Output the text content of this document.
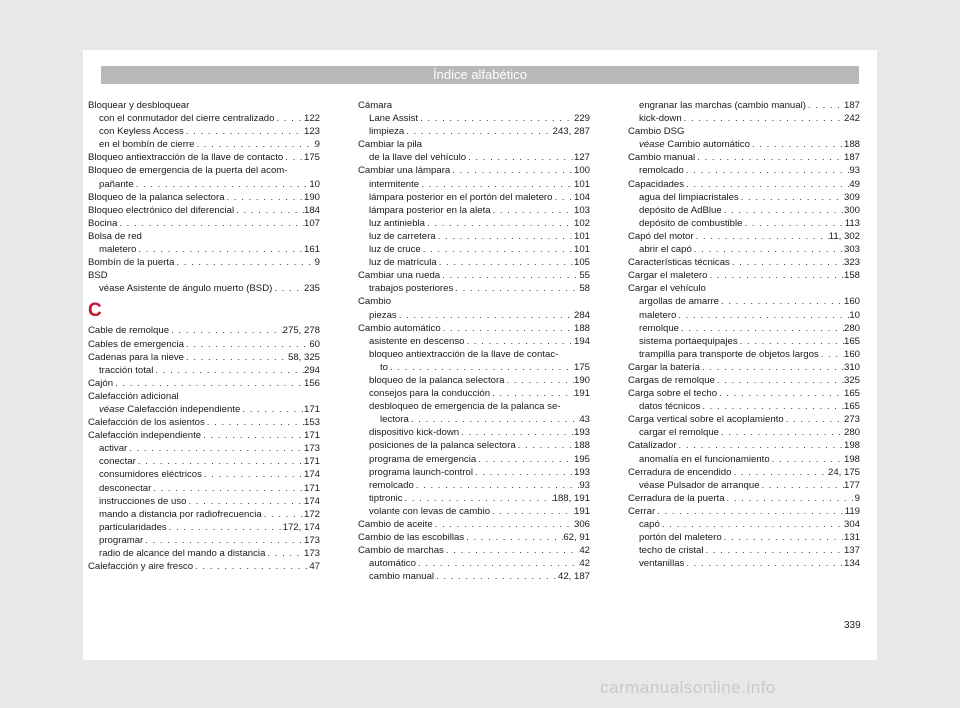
Índice alfabético
Bloquear y desbloquear
con el conmutador del cierre centralizado . . .	122
con Keyless Access . . .	123
en el bombín de cierre . . .	9
Bloqueo antiextracción de la llave de contacto . . . 175
Bloqueo de emergencia de la puerta del acom-
pañante . . .	10
Bloqueo de la palanca selectora . . .	190
Bloqueo electrónico del diferencial . . .	184
Bocina . . .	107
Bolsa de red
maletero . . .	161
Bombín de la puerta . . .	9
BSD
véase Asistente de ángulo muerto (BSD) . . .	235
C
Cable de remolque . . .	275, 278
Cables de emergencia . . .	60
Cadenas para la nieve . . .	58, 325
tracción total . . .	294
Cajón . . .	156
Calefacción adicional
véase Calefacción independiente . . .	171
Calefacción de los asientos . . .	153
Calefacción independiente . . .	171
activar . . .	173
conectar . . .	171
consumidores eléctricos . . .	174
desconectar . . .	171
instrucciones de uso . . .	174
mando a distancia por radiofrecuencia . . .	172
particularidades . . .	172, 174
programar . . .	173
radio de alcance del mando a distancia . . .	173
Calefacción y aire fresco . . .	47
Cámara
Lane Assist . . .	229
limpieza . . .	243, 287
Cambiar la pila
de la llave del vehículo . . .	127
Cambiar una lámpara . . .	100
intermitente . . .	101
lámpara posterior en el portón del maletero . . . 104
lámpara posterior en la aleta . . .	103
luz antiniebla . . .	102
luz de carretera . . .	101
luz de cruce . . .	101
luz de matrícula . . .	105
Cambiar una rueda . . .	55
trabajos posteriores . . .	58
Cambio
piezas . . .	284
Cambio automático . . .	188
asistente en descenso . . .	194
bloqueo antiextracción de la llave de contac-
to . . .	175
bloqueo de la palanca selectora . . .	190
consejos para la conducción . . .	191
desbloqueo de emergencia de la palanca se-
lectora . . .	43
dispositivo kick-down . . .	193
posiciones de la palanca selectora . . .	188
programa de emergencia . . .	195
programa launch-control . . .	193
remolcado . . .	93
tiptronic . . .	188, 191
volante con levas de cambio . . .	191
Cambio de aceite . . .	306
Cambio de las escobillas . . .	62, 91
Cambio de marchas . . .	42
automático . . .	42
cambio manual . . .	42, 187
engranar las marchas (cambio manual) . . .	187
kick-down . . .	242
Cambio DSG
véase Cambio automático . . .	188
Cambio manual . . .	187
remolcado . . .	93
Capacidades . . .	49
agua del limpiacristales . . .	309
depósito de AdBlue . . .	300
depósito de combustible . . .	113
Capó del motor . . .	11, 302
abrir el capó . . .	303
Características técnicas . . .	323
Cargar el maletero . . .	158
Cargar el vehículo
argollas de amarre . . .	160
maletero . . .	10
remolque . . .	280
sistema portaequipajes . . .	165
trampilla para transporte de objetos largos . . .	160
Cargar la batería . . .	310
Cargas de remolque . . .	325
Carga sobre el techo . . .	165
datos técnicos . . .	165
Carga vertical sobre el acoplamiento . . .	273
cargar el remolque . . .	280
Catalizador . . .	198
anomalía en el funcionamiento . . .	198
Cerradura de encendido . . .	24, 175
véase Pulsador de arranque . . .	177
Cerradura de la puerta . . .	9
Cerrar . . .	119
capó . . .	304
portón del maletero . . .	131
techo de cristal . . .	137
ventanillas . . .	134
339
carmanualsonline.info
